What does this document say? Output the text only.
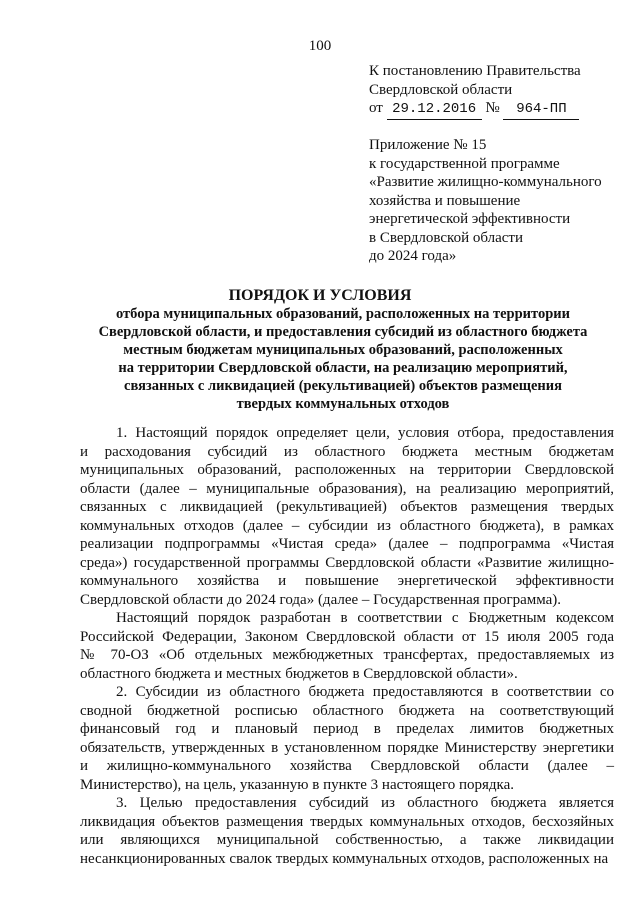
100
К постановлению Правительства
Свердловской области
от 29.12.2016 № 964-ПП
Приложение № 15
к государственной программе
«Развитие жилищно-коммунального
хозяйства и повышение
энергетической эффективности
в Свердловской области
до 2024 года»
ПОРЯДОК И УСЛОВИЯ
отбора муниципальных образований, расположенных на территории
Свердловской области, и предоставления субсидий из областного бюджета
местным бюджетам муниципальных образований, расположенных
на территории Свердловской области, на реализацию мероприятий,
связанных с ликвидацией (рекультивацией) объектов размещения
твердых коммунальных отходов
1. Настоящий порядок определяет цели, условия отбора, предоставления
и расходования субсидий из областного бюджета местным бюджетам
муниципальных образований, расположенных на территории Свердловской
области (далее – муниципальные образования), на реализацию мероприятий,
связанных с ликвидацией (рекультивацией) объектов размещения твердых
коммунальных отходов (далее – субсидии из областного бюджета), в рамках
реализации подпрограммы «Чистая среда» (далее – подпрограмма «Чистая
среда») государственной программы Свердловской области «Развитие жилищно-
коммунального хозяйства и повышение энергетической эффективности
Свердловской области до 2024 года» (далее – Государственная программа).
Настоящий порядок разработан в соответствии с Бюджетным кодексом
Российской Федерации, Законом Свердловской области от 15 июля 2005 года
№ 70-ОЗ «Об отдельных межбюджетных трансфертах, предоставляемых из
областного бюджета и местных бюджетов в Свердловской области».
2. Субсидии из областного бюджета предоставляются в соответствии со
сводной бюджетной росписью областного бюджета на соответствующий
финансовый год и плановый период в пределах лимитов бюджетных
обязательств, утвержденных в установленном порядке Министерству энергетики
и жилищно-коммунального хозяйства Свердловской области (далее –
Министерство), на цель, указанную в пункте 3 настоящего порядка.
3. Целью предоставления субсидий из областного бюджета является
ликвидация объектов размещения твердых коммунальных отходов, бесхозяйных
или являющихся муниципальной собственностью, а также ликвидации
несанкционированных свалок твердых коммунальных отходов, расположенных на
